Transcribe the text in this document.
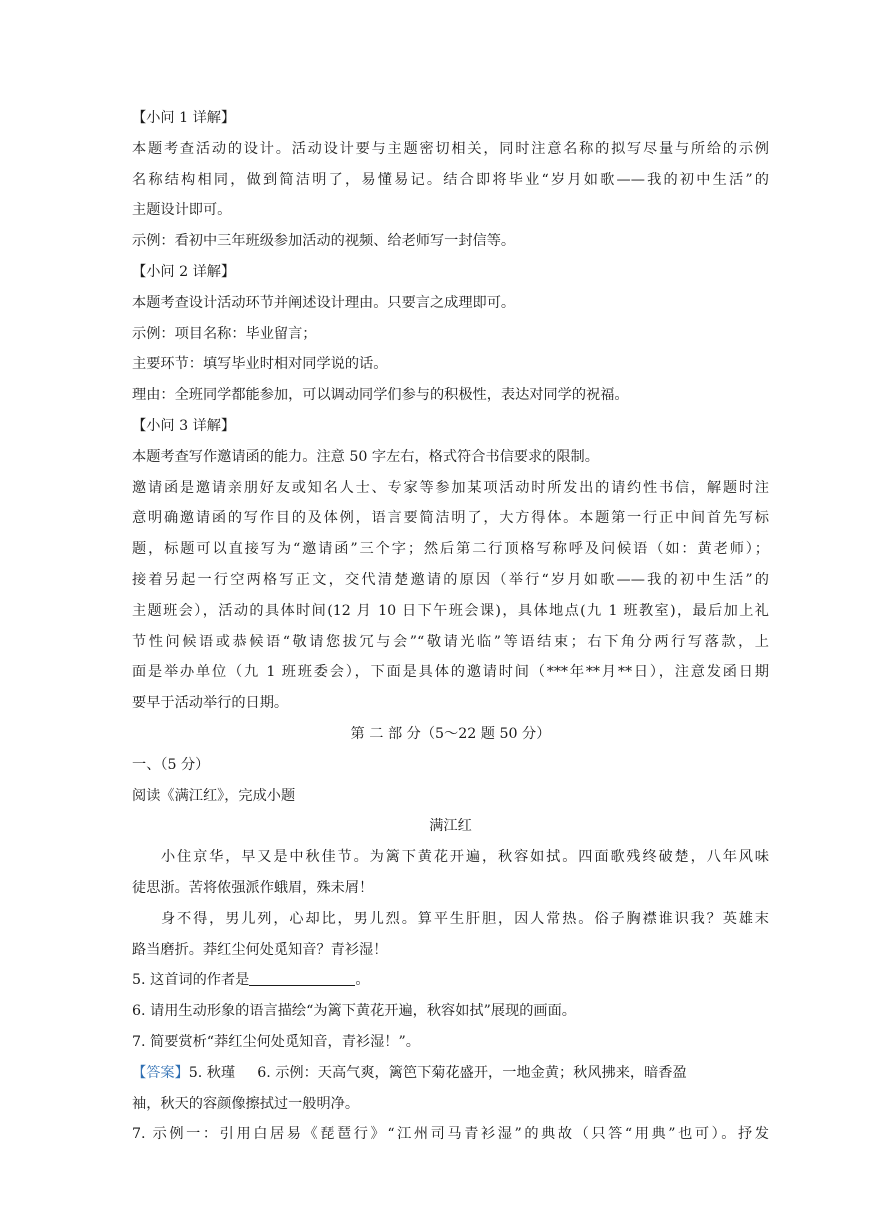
【小问 1 详解】
本题考查活动的设计。活动设计要与主题密切相关，同时注意名称的拟写尽量与所给的示例
名称结构相同，做到简洁明了，易懂易记。结合即将毕业“岁月如歌——我的初中生活”的
主题设计即可。
示例：看初中三年班级参加活动的视频、给老师写一封信等。
【小问 2 详解】
本题考查设计活动环节并阐述设计理由。只要言之成理即可。
示例：项目名称：毕业留言；
主要环节：填写毕业时相对同学说的话。
理由：全班同学都能参加，可以调动同学们参与的积极性，表达对同学的祝福。
【小问 3 详解】
本题考查写作邀请函的能力。注意 50 字左右，格式符合书信要求的限制。
邀请函是邀请亲朋好友或知名人士、专家等参加某项活动时所发出的请约性书信，解题时注
意明确邀请函的写作目的及体例，语言要简洁明了，大方得体。本题第一行正中间首先写标
题，标题可以直接写为“邀请函”三个字；然后第二行顶格写称呼及问候语（如：黄老师）；
接着另起一行空两格写正文，交代清楚邀请的原因（举行“岁月如歌——我的初中生活”的
主题班会），活动的具体时间(12 月 10 日下午班会课)，具体地点(九 1 班教室)，最后加上礼
节性问候语或恭候语“敬请您拔冗与会”“敬请光临”等语结束；右下角分两行写落款，上
面是举办单位（九 1 班班委会），下面是具体的邀请时间（***年**月**日），注意发函日期
要早于活动举行的日期。
第 二 部 分（5～22 题 50 分）
一、（5 分）
阅读《满江红》，完成小题
满江红
小住京华，早又是中秋佳节。为篱下黄花开遍，秋容如拭。四面歌残终破楚，八年风味
徒思浙。苦将侬强派作蛾眉，殊未屑！
身不得，男儿列，心却比，男儿烈。算平生肝胆，因人常热。俗子胸襟谁识我？英雄末
路当磨折。莽红尘何处觅知音？青衫湿！
5. 这首词的作者是	。
6. 请用生动形象的语言描绘“为篱下黄花开遍，秋容如拭”展现的画面。
7. 简要赏析“莽红尘何处觅知音，青衫湿！”。
【答案】5. 秋瑾 6. 示例：天高气爽，篱笆下菊花盛开，一地金黄；秋风拂来，暗香盈
袖，秋天的容颜像擦拭过一般明净。
7. 示例一：引用白居易《琵琶行》“江州司马青衫湿”的典故（只答“用典”也可）。抒发
